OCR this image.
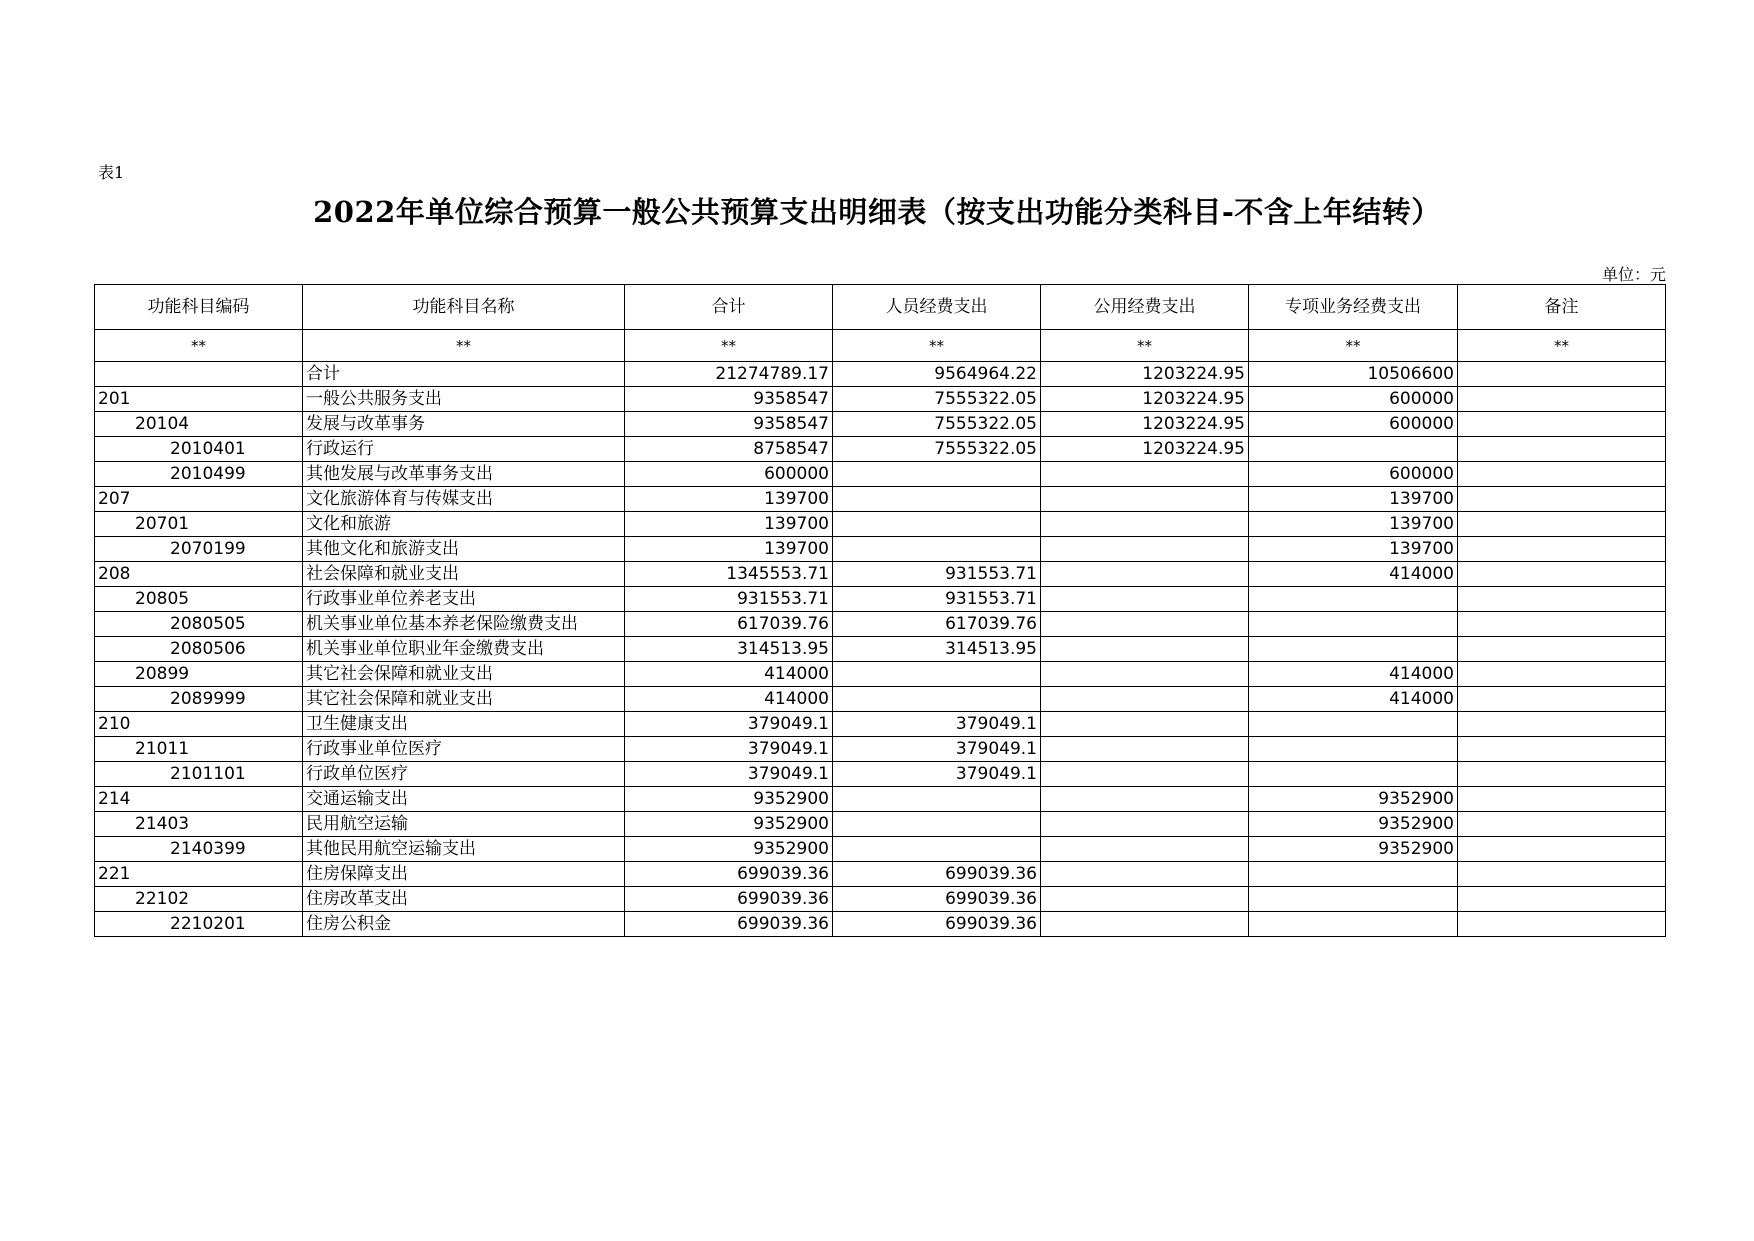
表1
2022年单位综合预算一般公共预算支出明细表（按支出功能分类科目-不含上年结转）
单位：元
功能科目编码	功能科目名称	合计	人员经费支出	公用经费支出	专项业务经费支出	备注
**	**	**	**	**	**	**
	合计	21274789.17	9564964.22	1203224.95	10506600	
201	一般公共服务支出	9358547	7555322.05	1203224.95	600000	
20104	发展与改革事务	9358547	7555322.05	1203224.95	600000	
2010401	行政运行	8758547	7555322.05	1203224.95		
2010499	其他发展与改革事务支出	600000			600000	
207	文化旅游体育与传媒支出	139700			139700	
20701	文化和旅游	139700			139700	
2070199	其他文化和旅游支出	139700			139700	
208	社会保障和就业支出	1345553.71	931553.71		414000	
20805	行政事业单位养老支出	931553.71	931553.71			
2080505	机关事业单位基本养老保险缴费支出	617039.76	617039.76			
2080506	机关事业单位职业年金缴费支出	314513.95	314513.95			
20899	其它社会保障和就业支出	414000			414000	
2089999	其它社会保障和就业支出	414000			414000	
210	卫生健康支出	379049.1	379049.1			
21011	行政事业单位医疗	379049.1	379049.1			
2101101	行政单位医疗	379049.1	379049.1			
214	交通运输支出	9352900			9352900	
21403	民用航空运输	9352900			9352900	
2140399	其他民用航空运输支出	9352900			9352900	
221	住房保障支出	699039.36	699039.36			
22102	住房改革支出	699039.36	699039.36			
2210201	住房公积金	699039.36	699039.36			
